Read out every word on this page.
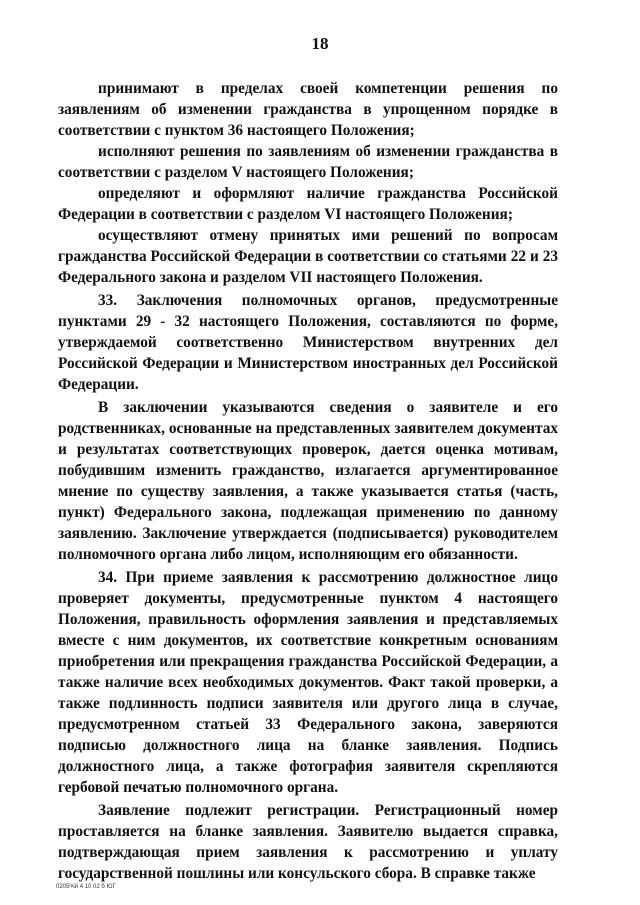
18

принимают в пределах своей компетенции решения по заявлениям об изменении гражданства в упрощенном порядке в соответствии с пунктом 36 настоящего Положения;

исполняют решения по заявлениям об изменении гражданства в соответствии с разделом V настоящего Положения;

определяют и оформляют наличие гражданства Российской Федерации в соответствии с разделом VI настоящего Положения;

осуществляют отмену принятых ими решений по вопросам гражданства Российской Федерации в соответствии со статьями 22 и 23 Федерального закона и разделом VII настоящего Положения.

33. Заключения полномочных органов, предусмотренные пунктами 29 - 32 настоящего Положения, составляются по форме, утверждаемой соответственно Министерством внутренних дел Российской Федерации и Министерством иностранных дел Российской Федерации.

В заключении указываются сведения о заявителе и его родственниках, основанные на представленных заявителем документах и результатах соответствующих проверок, дается оценка мотивам, побудившим изменить гражданство, излагается аргументированное мнение по существу заявления, а также указывается статья (часть, пункт) Федерального закона, подлежащая применению по данному заявлению. Заключение утверждается (подписывается) руководителем полномочного органа либо лицом, исполняющим его обязанности.

34. При приеме заявления к рассмотрению должностное лицо проверяет документы, предусмотренные пунктом 4 настоящего Положения, правильность оформления заявления и представляемых вместе с ним документов, их соответствие конкретным основаниям приобретения или прекращения гражданства Российской Федерации, а также наличие всех необходимых документов. Факт такой проверки, а также подлинность подписи заявителя или другого лица в случае, предусмотренном статьей 33 Федерального закона, заверяются подписью должностного лица на бланке заявления. Подпись должностного лица, а также фотография заявителя скрепляются гербовой печатью полномочного органа.

Заявление подлежит регистрации. Регистрационный номер проставляется на бланке заявления. Заявителю выдается справка, подтверждающая прием заявления к рассмотрению и уплату государственной пошлины или консульского сбора. В справке также

0205%й 4 10 02 б ЮГ
